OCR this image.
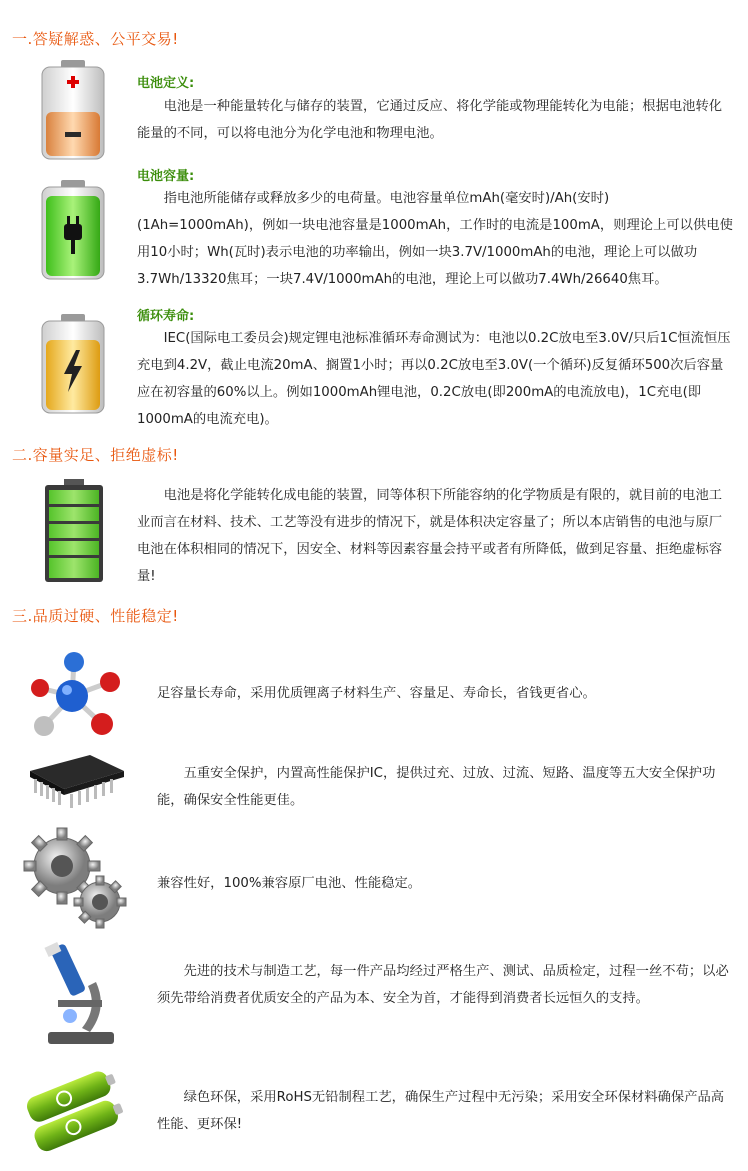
一.答疑解惑、公平交易!
电池定义:
电池是一种能量转化与储存的装置，它通过反应、将化学能或物理能转化为电能；根据电池转化能量的不同，可以将电池分为化学电池和物理电池。
电池容量:
指电池所能储存或释放多少的电荷量。电池容量单位mAh(毫安时)/Ah(安时)(1Ah=1000mAh)，例如一块电池容量是1000mAh，工作时的电流是100mA，则理论上可以供电使用10小时；Wh(瓦时)表示电池的功率输出，例如一块3.7V/1000mAh的电池，理论上可以做功3.7Wh/13320焦耳；一块7.4V/1000mAh的电池，理论上可以做功7.4Wh/26640焦耳。
循环寿命:
IEC(国际电工委员会)规定锂电池标准循环寿命测试为：电池以0.2C放电至3.0V/只后1C恒流恒压充电到4.2V，截止电流20mA、搁置1小时；再以0.2C放电至3.0V(一个循环)反复循环500次后容量应在初容量的60%以上。例如1000mAh锂电池，0.2C放电(即200mA的电流放电)，1C充电(即1000mA的电流充电)。
二.容量实足、拒绝虚标!
电池是将化学能转化成电能的装置，同等体积下所能容纳的化学物质是有限的，就目前的电池工业而言在材料、技术、工艺等没有进步的情况下，就是体积决定容量了；所以本店销售的电池与原厂电池在体积相同的情况下，因安全、材料等因素容量会持平或者有所降低，做到足容量、拒绝虚标容量!
三.品质过硬、性能稳定!
足容量长寿命，采用优质锂离子材料生产、容量足、寿命长，省钱更省心。
五重安全保护，内置高性能保护IC，提供过充、过放、过流、短路、温度等五大安全保护功能，确保安全性能更佳。
兼容性好，100%兼容原厂电池、性能稳定。
先进的技术与制造工艺，每一件产品均经过严格生产、测试、品质检定，过程一丝不苟；以必须先带给消费者优质安全的产品为本、安全为首，才能得到消费者长远恒久的支持。
绿色环保，采用RoHS无铅制程工艺，确保生产过程中无污染；采用安全环保材料确保产品高性能、更环保!
